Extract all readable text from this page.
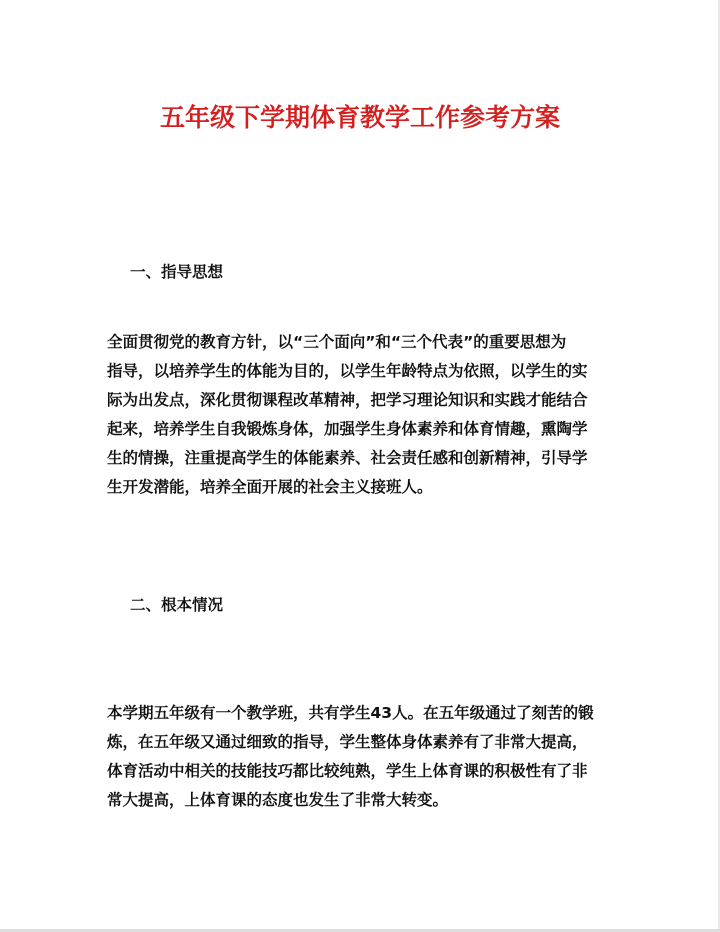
五年级下学期体育教学工作参考方案
一、指导思想
全面贯彻党的教育方针，以“三个面向”和“三个代表”的重要思想为
指导，以培养学生的体能为目的，以学生年龄特点为依照，以学生的实
际为出发点，深化贯彻课程改革精神，把学习理论知识和实践才能结合
起来，培养学生自我锻炼身体，加强学生身体素养和体育情趣，熏陶学
生的情操，注重提高学生的体能素养、社会责任感和创新精神，引导学
生开发潜能，培养全面开展的社会主义接班人。
二、根本情况
本学期五年级有一个教学班，共有学生43人。在五年级通过了刻苦的锻
炼，在五年级又通过细致的指导，学生整体身体素养有了非常大提高，
体育活动中相关的技能技巧都比较纯熟，学生上体育课的积极性有了非
常大提高，上体育课的态度也发生了非常大转变。
